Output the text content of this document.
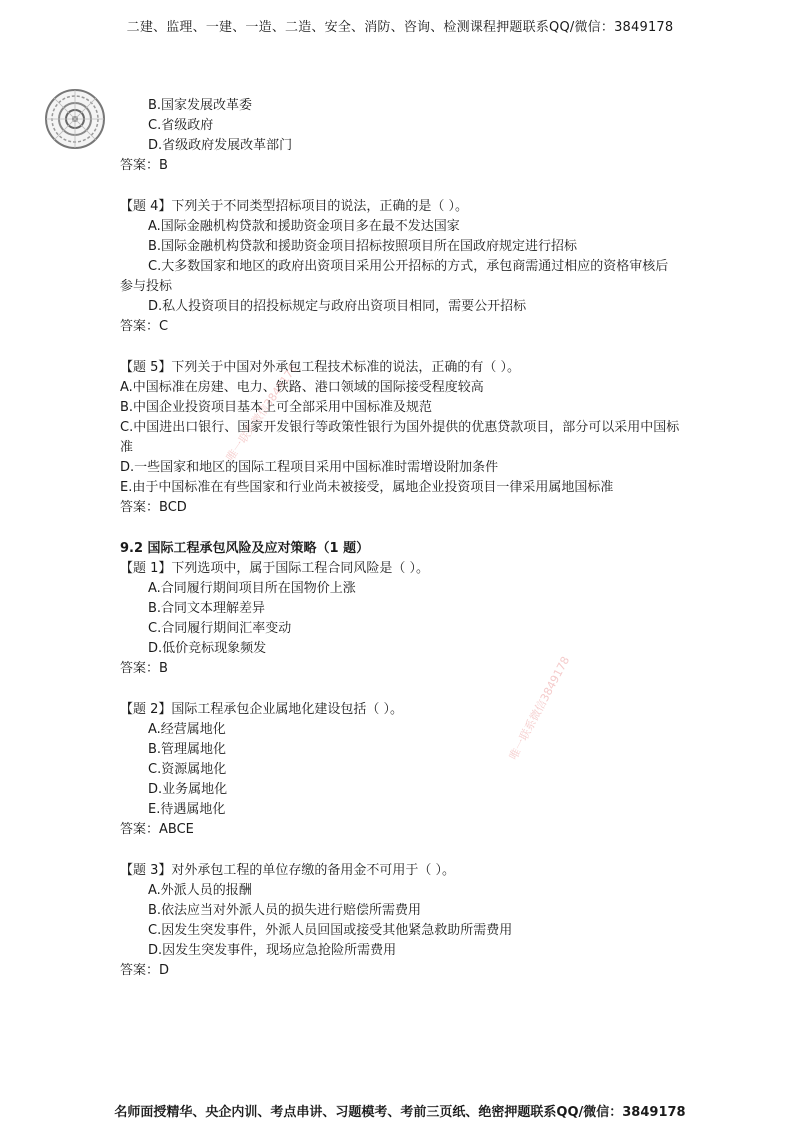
二建、监理、一建、一造、二造、安全、消防、咨询、检测课程押题联系QQ/微信：3849178
唯一联系微信3849178
唯一联系微信3849178
B.国家发展改革委
C.省级政府
D.省级政府发展改革部门
答案：B
【题 4】下列关于不同类型招标项目的说法，正确的是（ ）。
A.国际金融机构贷款和援助资金项目多在最不发达国家
B.国际金融机构贷款和援助资金项目招标按照项目所在国政府规定进行招标
C.大多数国家和地区的政府出资项目采用公开招标的方式，承包商需通过相应的资格审核后参与投标
D.私人投资项目的招投标规定与政府出资项目相同，需要公开招标
答案：C
【题 5】下列关于中国对外承包工程技术标准的说法，正确的有（ ）。
A.中国标准在房建、电力、铁路、港口领域的国际接受程度较高
B.中国企业投资项目基本上可全部采用中国标准及规范
C.中国进出口银行、国家开发银行等政策性银行为国外提供的优惠贷款项目，部分可以采用中国标准
D.一些国家和地区的国际工程项目采用中国标准时需增设附加条件
E.由于中国标准在有些国家和行业尚未被接受，属地企业投资项目一律采用属地国标准
答案：BCD
9.2 国际工程承包风险及应对策略（1 题）
【题 1】下列选项中，属于国际工程合同风险是（ ）。
A.合同履行期间项目所在国物价上涨
B.合同文本理解差异
C.合同履行期间汇率变动
D.低价竞标现象频发
答案：B
【题 2】国际工程承包企业属地化建设包括（ ）。
A.经营属地化
B.管理属地化
C.资源属地化
D.业务属地化
E.待遇属地化
答案：ABCE
【题 3】对外承包工程的单位存缴的备用金不可用于（ ）。
A.外派人员的报酬
B.依法应当对外派人员的损失进行赔偿所需费用
C.因发生突发事件，外派人员回国或接受其他紧急救助所需费用
D.因发生突发事件，现场应急抢险所需费用
答案：D
名师面授精华、央企内训、考点串讲、习题模考、考前三页纸、绝密押题联系QQ/微信：3849178
